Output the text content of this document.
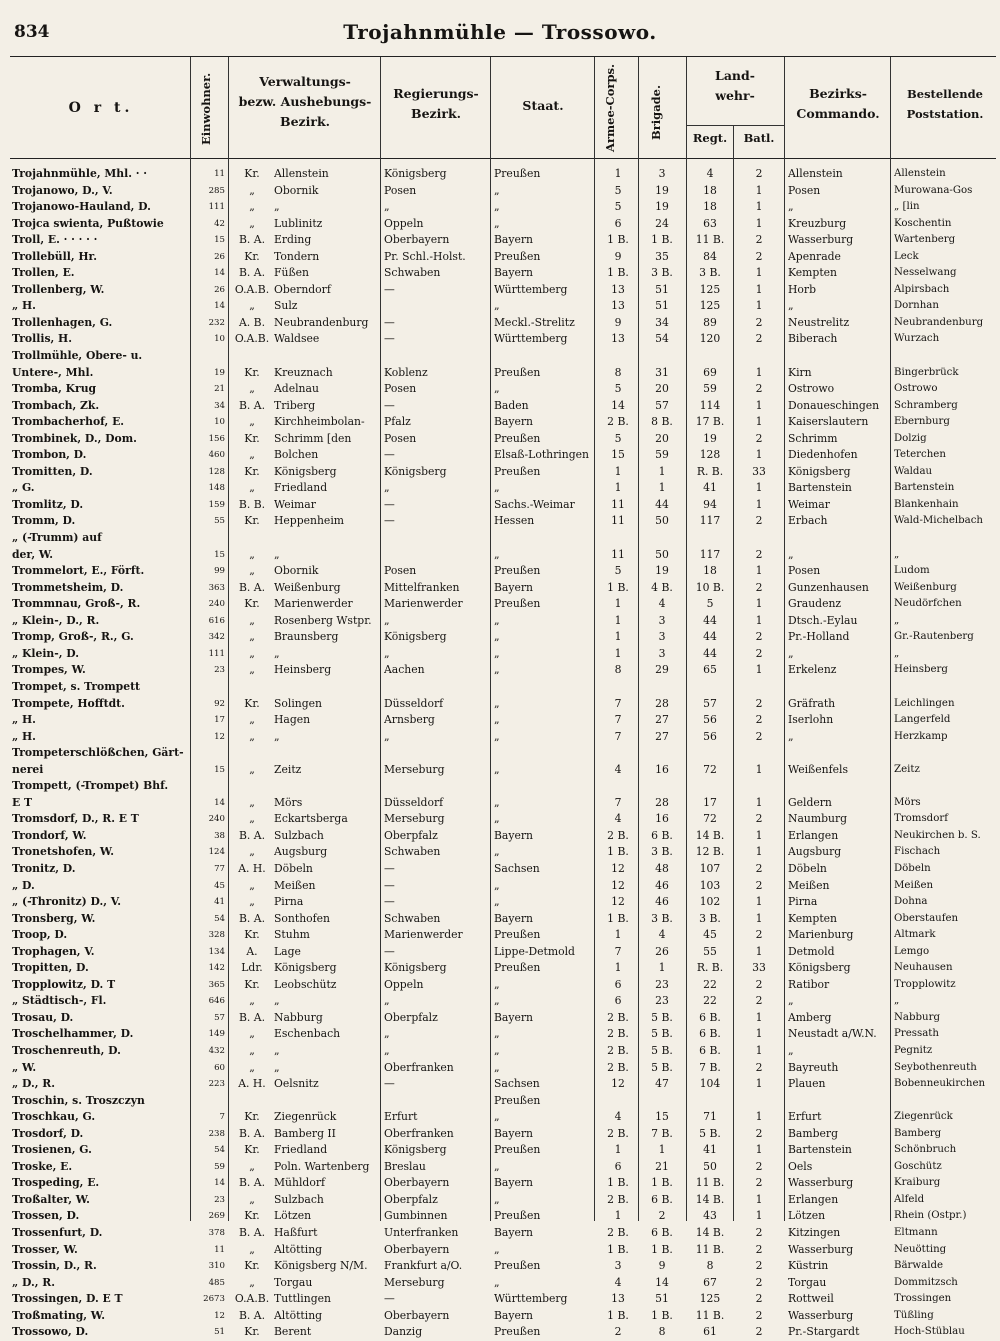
834	Trojahnmühle — Trossowo.
O r t.	Einwohner.	Verwaltungs-
bezw. Aushebungs-
Bezirk.
Regierungs-
Bezirk.
Staat.	Armee-Corps.	Brigade.
Land-
wehr-
Regt.	Batl.
Bezirks-
Commando.
Bestellende
Poststation.
Trojahnmühle, Mhl. · ·	11	Kr.	Allenstein	Königsberg	Preußen	1	3	4	2	Allenstein	Allenstein
Trojanowo, D., V.	285	„	Obornik	Posen	„	5	19	18	1	Posen	Murowana-Gos
Trojanowo-Hauland, D.	111	„	„	„	„	5	19	18	1	„	„ [lin
Trojca swienta, Pußtowie	42	„	Lublinitz	Oppeln	„	6	24	63	1	Kreuzburg	Koschentin
Troll, E. · · · · ·	15	B. A. Erding	Oberbayern	Bayern	1 B.	1 B.	11 B.	2	Wasserburg	Wartenberg
Trollebüll, Hr.	26	Kr.	Tondern	Pr. Schl.-Holst.	Preußen	9	35	84	2	Apenrade	Leck
Trollen, E.	14	B. A. Füßen	Schwaben	Bayern	1 B.	3 B.	3 B.	1	Kempten	Nesselwang
Trollenberg, W.	26 O.A.B. Oberndorf	—	Württemberg	13	51	125	1	Horb	Alpirsbach
„ H.	14	„	Sulz	„	13	51	125	1	„	Dornhan
Trollenhagen, G.	232	A. B. Neubrandenburg	—	Meckl.-Strelitz	9	34	89	2	Neustrelitz	Neubrandenburg
Trollis, H.	10 O.A.B. Waldsee	—	Württemberg	13	54	120	2	Biberach	Wurzach
Trollmühle, Obere- u.
Untere-, Mhl.	19	Kr.	Kreuznach	Koblenz	Preußen	8	31	69	1	Kirn	Bingerbrück
Tromba, Krug	21	„	Adelnau	Posen	„	5	20	59	2	Ostrowo	Ostrowo
Trombach, Zk.	34	B. A. Triberg	—	Baden	14	57	114	1	Donaueschingen	Schramberg
Trombacherhof, E.	10	„	Kirchheimbolan-	Pfalz	Bayern	2 B.	8 B.	17 B.	1	Kaiserslautern	Ebernburg
Trombinek, D., Dom.	156	Kr.	Schrimm [den	Posen	Preußen	5	20	19	2	Schrimm	Dolzig
Trombon, D.	460	„	Bolchen	—	Elsaß-Lothringen	15	59	128	1	Diedenhofen	Teterchen
Tromitten, D.	128	Kr.	Königsberg	Königsberg	Preußen	1	1	R. B.	33	Königsberg	Waldau
„ G.	148	„	Friedland	„	„	1	1	41	1	Bartenstein	Bartenstein
Tromlitz, D.	159	B. B. Weimar	—	Sachs.-Weimar	11	44	94	1	Weimar	Blankenhain
Tromm, D.	55	Kr.	Heppenheim	—	Hessen	11	50	117	2	Erbach	Wald-Michelbach
„ (-Trumm) auf
der, W.	15	„	„	„	11	50	117	2	„	„
Trommelort, E., Förft.	99	„	Obornik	Posen	Preußen	5	19	18	1	Posen	Ludom
Trommetsheim, D.	363	B. A. Weißenburg	Mittelfranken	Bayern	1 B.	4 B.	10 B.	2	Gunzenhausen	Weißenburg
Trommnau, Groß-, R.	240	Kr.	Marienwerder	Marienwerder	Preußen	1	4	5	1	Graudenz	Neudörfchen
„ Klein-, D., R.	616	„	Rosenberg Wstpr.	„	„	1	3	44	1	Dtsch.-Eylau	„
Tromp, Groß-, R., G.	342	„	Braunsberg	Königsberg	„	1	3	44	2	Pr.-Holland	Gr.-Rautenberg
„ Klein-, D.	111	„	„	„	„	1	3	44	2	„	„
Trompes, W.	23	„	Heinsberg	Aachen	„	8	29	65	1	Erkelenz	Heinsberg
Trompet, s. Trompett
Trompete, Hofftdt.	92	Kr.	Solingen	Düsseldorf	„	7	28	57	2	Gräfrath	Leichlingen
„ H.	17	„	Hagen	Arnsberg	„	7	27	56	2	Iserlohn	Langerfeld
„ H.	12	„	„	„	„	7	27	56	2	„	Herzkamp
Trompeterschlößchen, Gärt-
nerei	15	„	Zeitz	Merseburg	„	4	16	72	1	Weißenfels	Zeitz
Trompett, (-Trompet) Bhf.
E T	14	„	Mörs	Düsseldorf	„	7	28	17	1	Geldern	Mörs
Tromsdorf, D., R. E T	240	„	Eckartsberga	Merseburg	„	4	16	72	2	Naumburg	Tromsdorf
Trondorf, W.	38	B. A. Sulzbach	Oberpfalz	Bayern	2 B.	6 B.	14 B.	1	Erlangen	Neukirchen b. S.
Tronetshofen, W.	124	„	Augsburg	Schwaben	„	1 B.	3 B.	12 B.	1	Augsburg	Fischach
Tronitz, D.	77	A. H. Döbeln	—	Sachsen	12	48	107	2	Döbeln	Döbeln
„ D.	45	„	Meißen	—	„	12	46	103	2	Meißen	Meißen
„ (-Thronitz) D., V.	41	„	Pirna	—	„	12	46	102	1	Pirna	Dohna
Tronsberg, W.	54	B. A. Sonthofen	Schwaben	Bayern	1 B.	3 B.	3 B.	1	Kempten	Oberstaufen
Troop, D.	328	Kr.	Stuhm	Marienwerder	Preußen	1	4	45	2	Marienburg	Altmark
Trophagen, V.	134	A.	Lage	—	Lippe-Detmold	7	26	55	1	Detmold	Lemgo
Tropitten, D.	142	Ldr.	Königsberg	Königsberg	Preußen	1	1	R. B.	33	Königsberg	Neuhausen
Tropplowitz, D. T	365	Kr.	Leobschütz	Oppeln	„	6	23	22	2	Ratibor	Tropplowitz
„ Städtisch-, Fl.	646	„	„	„	„	6	23	22	2	„	„
Trosau, D.	57	B. A. Nabburg	Oberpfalz	Bayern	2 B.	5 B.	6 B.	1	Amberg	Nabburg
Troschelhammer, D.	149	„	Eschenbach	„	„	2 B.	5 B.	6 B.	1	Neustadt a/W.N.	Pressath
Troschenreuth, D.	432	„	„	„	„	2 B.	5 B.	6 B.	1	„	Pegnitz
„ W.	60	„	„	Oberfranken	„	2 B.	5 B.	7 B.	2	Bayreuth	Seybothenreuth
„ D., R.	223	A. H. Oelsnitz	—	Sachsen	12	47	104	1	Plauen	Bobenneukirchen
Troschin, s. Troszczyn	Preußen
Troschkau, G.	7	Kr.	Ziegenrück	Erfurt	„	4	15	71	1	Erfurt	Ziegenrück
Trosdorf, D.	238	B. A. Bamberg II	Oberfranken	Bayern	2 B.	7 B.	5 B.	2	Bamberg	Bamberg
Trosienen, G.	54	Kr.	Friedland	Königsberg	Preußen	1	1	41	1	Bartenstein	Schönbruch
Troske, E.	59	„	Poln. Wartenberg	Breslau	„	6	21	50	2	Oels	Goschütz
Trospeding, E.	14	B. A. Mühldorf	Oberbayern	Bayern	1 B.	1 B.	11 B.	2	Wasserburg	Kraiburg
Troßalter, W.	23	„	Sulzbach	Oberpfalz	„	2 B.	6 B.	14 B.	1	Erlangen	Alfeld
Trossen, D.	269	Kr.	Lötzen	Gumbinnen	Preußen	1	2	43	1	Lötzen	Rhein (Ostpr.)
Trossenfurt, D.	378	B. A. Haßfurt	Unterfranken	Bayern	2 B.	6 B.	14 B.	2	Kitzingen	Eltmann
Trosser, W.	11	„	Altötting	Oberbayern	„	1 B.	1 B.	11 B.	2	Wasserburg	Neuötting
Trossin, D., R.	310	Kr.	Königsberg N/M.	Frankfurt a/O.	Preußen	3	9	8	2	Küstrin	Bärwalde
„ D., R.	485	„	Torgau	Merseburg	„	4	14	67	2	Torgau	Dommitzsch
Trossingen, D. E T	2673 O.A.B. Tuttlingen	—	Württemberg	13	51	125	2	Rottweil	Trossingen
Troßmating, W.	12	B. A. Altötting	Oberbayern	Bayern	1 B.	1 B.	11 B.	2	Wasserburg	Tüßling
Trossowo, D.	51	Kr.	Berent	Danzig	Preußen	2	8	61	2	Pr.-Stargardt	Hoch-Stüblau
